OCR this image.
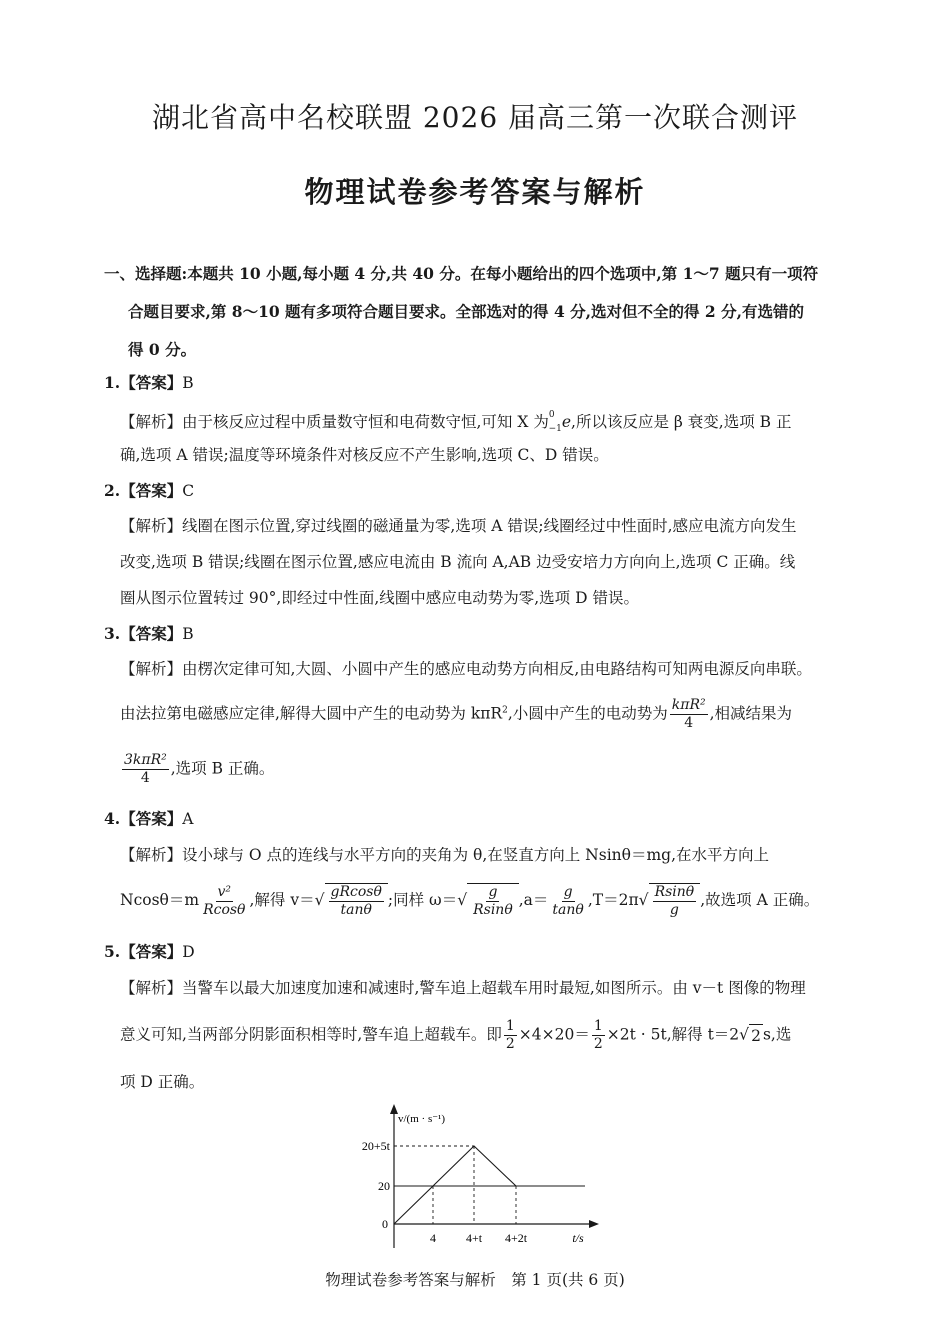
湖北省高中名校联盟 2026 届高三第一次联合测评
物理试卷参考答案与解析
一、选择题:本题共 10 小题,每小题 4 分,共 40 分。在每小题给出的四个选项中,第 1～7 题只有一项符
合题目要求,第 8～10 题有多项符合题目要求。全部选对的得 4 分,选对但不全的得 2 分,有选错的
得 0 分。
1.【答案】B
【解析】由于核反应过程中质量数守恒和电荷数守恒,可知 X 为$^0_{-1}$e,所以该反应是 β 衰变,选项 B 正
确,选项 A 错误;温度等环境条件对核反应不产生影响,选项 C、D 错误。
2.【答案】C
【解析】线圈在图示位置,穿过线圈的磁通量为零,选项 A 错误;线圈经过中性面时,感应电流方向发生
改变,选项 B 错误;线圈在图示位置,感应电流由 B 流向 A,AB 边受安培力方向向上,选项 C 正确。线
圈从图示位置转过 90°,即经过中性面,线圈中感应电动势为零,选项 D 错误。
3.【答案】B
【解析】由楞次定律可知,大圆、小圆中产生的感应电动势方向相反,由电路结构可知两电源反向串联。
由法拉第电磁感应定律,解得大圆中产生的电动势为 kπR$^2$,小圆中产生的电动势为 $\frac{\text{kπR²}}{4}$ ,相减结果为
$\frac{\text{3kπR²}}{4}$ ,选项 B 正确。
4.【答案】A
【解析】设小球与 O 点的连线与水平方向的夹角为 θ,在竖直方向上 Nsinθ＝mg,在水平方向上
$Ncos\theta=m \frac{\text{v²}}{Rcos\theta}$ ,解得 $v=√ \frac{gRcos\theta}{\tan\theta}$ ;同样 $\omega=√ \frac{g}{Rsin\theta} ,a= \frac{g}{\tan\theta} ,T=2\pi√ \frac{Rsin\theta}{g}$ ,故选项 A 正确。
5.【答案】D
【解析】当警车以最大加速度加速和减速时,警车追上超载车用时最短,如图所示。由 v－t 图像的物理
意义可知,当两部分阴影面积相等时,警车追上超载车。即 $\frac{1}{2} \times 4\times 20= \frac{1}{2} \times 2t \cdot 5t$,解得 t＝2√ 2 s,选
项 D 正确。
v/(m · s⁻¹)
20+5t
20
0
4 4+t 4+2t	t/s
物理试卷参考答案与解析　第 1 页(共 6 页)
